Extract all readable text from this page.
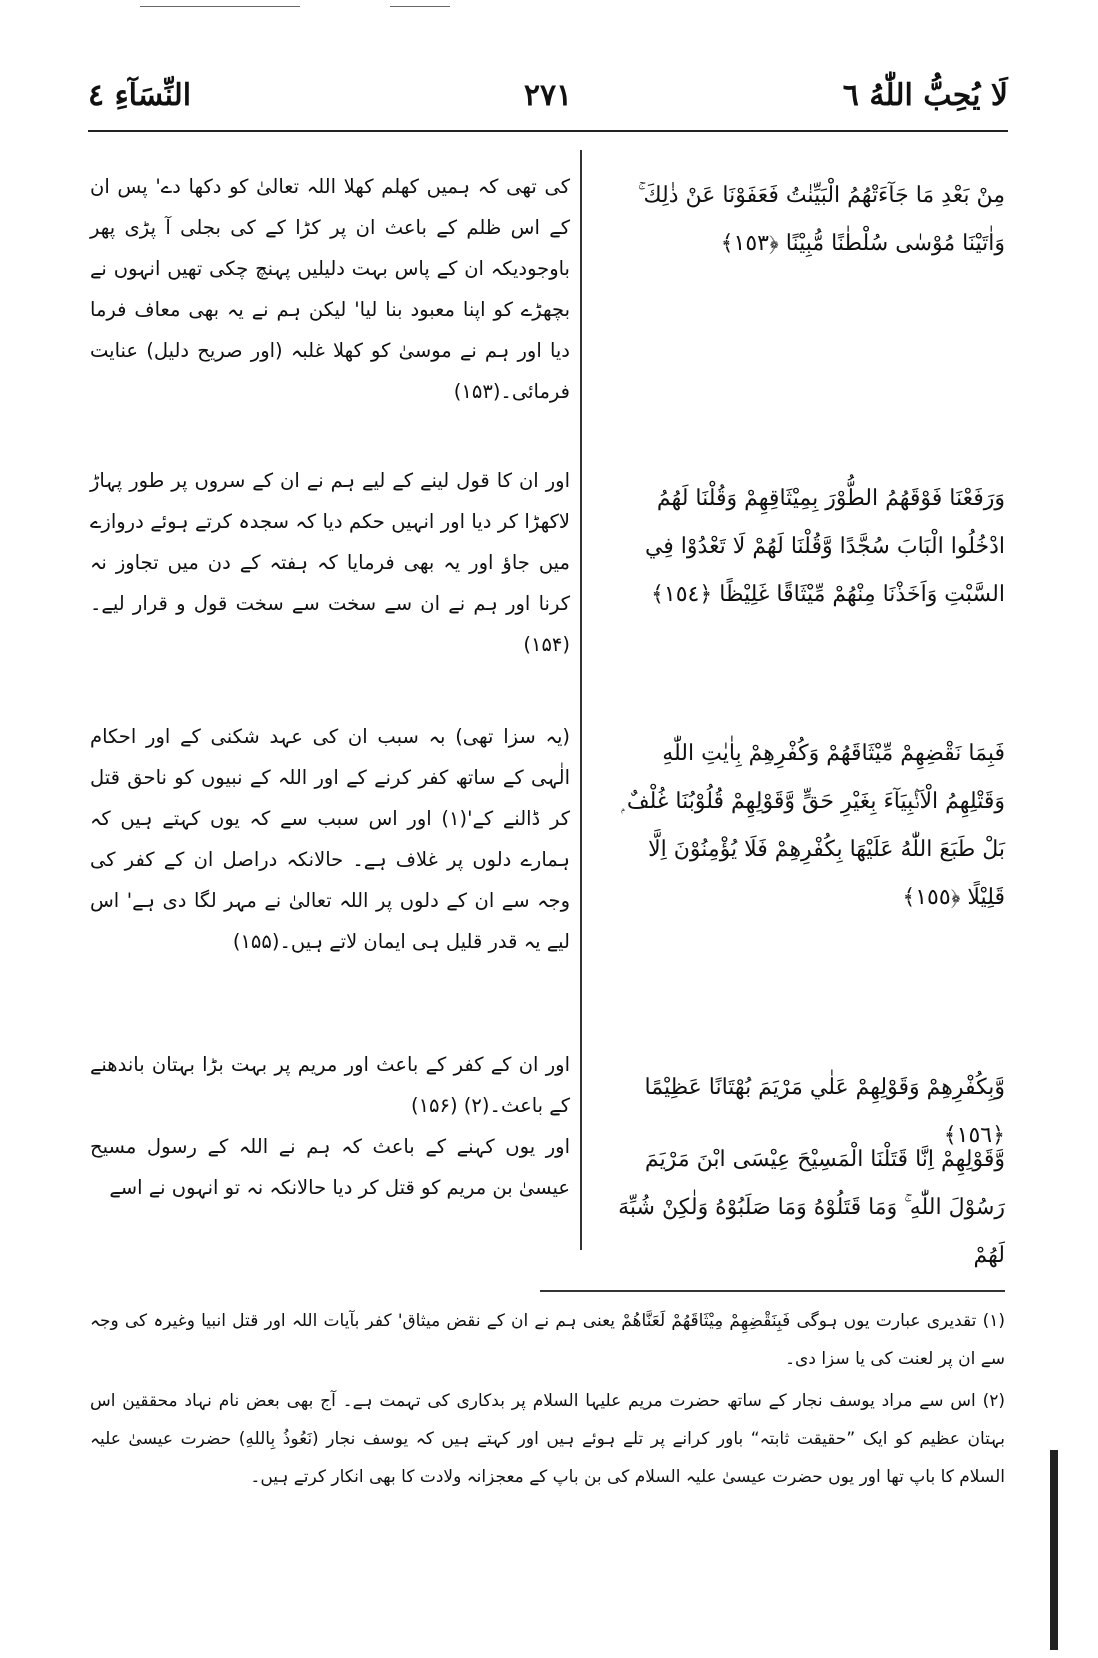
لَا يُحِبُّ اللّٰهُ ٦
٢٧١
النِّسَآءِ ٤

مِنْ بَعْدِ مَا جَآءَتْهُمُ الْبَيِّنٰتُ فَعَفَوْنَا عَنْ ذٰلِكَ ۚ وَاٰتَيْنَا مُوْسٰى سُلْطٰنًا مُّبِيْنًا ﴿١٥٣﴾

کی تھی کہ ہمیں کھلم کھلا اللہ تعالیٰ کو دکھا دے' پس ان کے اس ظلم کے باعث ان پر کڑا کے کی بجلی آ پڑی پھر باوجودیکہ ان کے پاس بہت دلیلیں پہنچ چکی تھیں انہوں نے بچھڑے کو اپنا معبود بنا لیا' لیکن ہم نے یہ بھی معاف فرما دیا اور ہم نے موسیٰ کو کھلا غلبہ (اور صریح دلیل) عنایت فرمائی۔(۱۵۳)

وَرَفَعْنَا فَوْقَهُمُ الطُّوْرَ بِمِيْثَاقِهِمْ وَقُلْنَا لَهُمُ ادْخُلُوا الْبَابَ سُجَّدًا وَّقُلْنَا لَهُمْ لَا تَعْدُوْا فِي السَّبْتِ وَاَخَذْنَا مِنْهُمْ مِّيْثَاقًا غَلِيْظًا ﴿١٥٤﴾

اور ان کا قول لینے کے لیے ہم نے ان کے سروں پر طور پہاڑ لاکھڑا کر دیا اور انہیں حکم دیا کہ سجدہ کرتے ہوئے دروازے میں جاؤ اور یہ بھی فرمایا کہ ہفتہ کے دن میں تجاوز نہ کرنا اور ہم نے ان سے سخت سے سخت قول و قرار لیے۔(۱۵۴)

فَبِمَا نَقْضِهِمْ مِّيْثَاقَهُمْ وَكُفْرِهِمْ بِاٰيٰتِ اللّٰهِ وَقَتْلِهِمُ الْاَنْۢبِيَآءَ بِغَيْرِ حَقٍّ وَّقَوْلِهِمْ قُلُوْبُنَا غُلْفٌ ۭ بَلْ طَبَعَ اللّٰهُ عَلَيْهَا بِكُفْرِهِمْ فَلَا يُؤْمِنُوْنَ اِلَّا قَلِيْلًا ﴿١٥٥﴾

(یہ سزا تھی) بہ سبب ان کی عہد شکنی کے اور احکام الٰہی کے ساتھ کفر کرنے کے اور اللہ کے نبیوں کو ناحق قتل کر ڈالنے کے'(۱) اور اس سبب سے کہ یوں کہتے ہیں کہ ہمارے دلوں پر غلاف ہے۔ حالانکہ دراصل ان کے کفر کی وجہ سے ان کے دلوں پر اللہ تعالیٰ نے مہر لگا دی ہے' اس لیے یہ قدر قلیل ہی ایمان لاتے ہیں۔(۱۵۵)

وَّبِكُفْرِهِمْ وَقَوْلِهِمْ عَلٰي مَرْيَمَ بُهْتَانًا عَظِيْمًا ﴿١٥٦﴾

اور ان کے کفر کے باعث اور مریم پر بہت بڑا بہتان باندھنے کے باعث۔(۲) (۱۵۶)

وَّقَوْلِهِمْ اِنَّا قَتَلْنَا الْمَسِيْحَ عِيْسَى ابْنَ مَرْيَمَ رَسُوْلَ اللّٰهِ ۚ وَمَا قَتَلُوْهُ وَمَا صَلَبُوْهُ وَلٰكِنْ شُبِّهَ لَهُمْ

اور یوں کہنے کے باعث کہ ہم نے اللہ کے رسول مسیح عیسیٰ بن مریم کو قتل کر دیا حالانکہ نہ تو انہوں نے اسے

(۱) تقدیری عبارت یوں ہوگی فَبِنَقْضِهِمْ مِيْثَاقَهُمْ لَعَنَّاهُمْ یعنی ہم نے ان کے نقض میثاق' کفر بآیات اللہ اور قتل انبیا وغیرہ کی وجہ سے ان پر لعنت کی یا سزا دی۔

(۲) اس سے مراد یوسف نجار کے ساتھ حضرت مریم علیہا السلام پر بدکاری کی تہمت ہے۔ آج بھی بعض نام نہاد محققین اس بہتان عظیم کو ایک ”حقیقت ثابتہ“ باور کرانے پر تلے ہوئے ہیں اور کہتے ہیں کہ یوسف نجار (نَعُوذُ بِاللهِ) حضرت عیسیٰ علیہ السلام کا باپ تھا اور یوں حضرت عیسیٰ علیہ السلام کی بن باپ کے معجزانہ ولادت کا بھی انکار کرتے ہیں۔
